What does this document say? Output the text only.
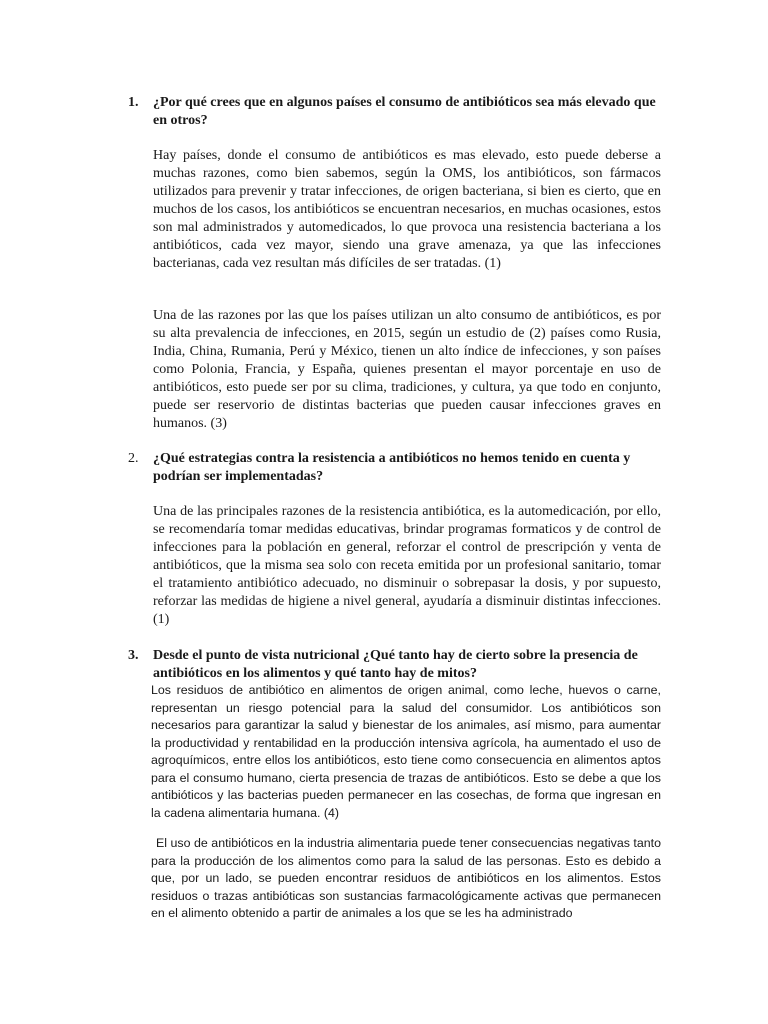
1. ¿Por qué crees que en algunos países el consumo de antibióticos sea más elevado que en otros?

Hay países, donde el consumo de antibióticos es mas elevado, esto puede deberse a muchas razones, como bien sabemos, según la OMS, los antibióticos, son fármacos utilizados para prevenir y tratar infecciones, de origen bacteriana, si bien es cierto, que en muchos de los casos, los antibióticos se encuentran necesarios, en muchas ocasiones, estos son mal administrados y automedicados, lo que provoca una resistencia bacteriana a los antibióticos, cada vez mayor, siendo una grave amenaza, ya que las infecciones bacterianas, cada vez resultan más difíciles de ser tratadas. (1)

Una de las razones por las que los países utilizan un alto consumo de antibióticos, es por su alta prevalencia de infecciones, en 2015, según un estudio de (2) países como Rusia, India, China, Rumania, Perú y México, tienen un alto índice de infecciones, y son países como Polonia, Francia, y España, quienes presentan el mayor porcentaje en uso de antibióticos, esto puede ser por su clima, tradiciones, y cultura, ya que todo en conjunto, puede ser reservorio de distintas bacterias que pueden causar infecciones graves en humanos. (3)

2. ¿Qué estrategias contra la resistencia a antibióticos no hemos tenido en cuenta y podrían ser implementadas?

Una de las principales razones de la resistencia antibiótica, es la automedicación, por ello, se recomendaría tomar medidas educativas, brindar programas formaticos y de control de infecciones para la población en general, reforzar el control de prescripción y venta de antibióticos, que la misma sea solo con receta emitida por un profesional sanitario, tomar el tratamiento antibiótico adecuado, no disminuir o sobrepasar la dosis, y por supuesto, reforzar las medidas de higiene a nivel general, ayudaría a disminuir distintas infecciones. (1)

3. Desde el punto de vista nutricional ¿Qué tanto hay de cierto sobre la presencia de antibióticos en los alimentos y qué tanto hay de mitos?

Los residuos de antibiótico en alimentos de origen animal, como leche, huevos o carne, representan un riesgo potencial para la salud del consumidor. Los antibióticos son necesarios para garantizar la salud y bienestar de los animales, así mismo, para aumentar la productividad y rentabilidad en la producción intensiva agrícola, ha aumentado el uso de agroquímicos, entre ellos los antibióticos, esto tiene como consecuencia en alimentos aptos para el consumo humano, cierta presencia de trazas de antibióticos. Esto se debe a que los antibióticos y las bacterias pueden permanecer en las cosechas, de forma que ingresan en la cadena alimentaria humana. (4)

El uso de antibióticos en la industria alimentaria puede tener consecuencias negativas tanto para la producción de los alimentos como para la salud de las personas. Esto es debido a que, por un lado, se pueden encontrar residuos de antibióticos en los alimentos. Estos residuos o trazas antibióticas son sustancias farmacológicamente activas que permanecen en el alimento obtenido a partir de animales a los que se les ha administrado
